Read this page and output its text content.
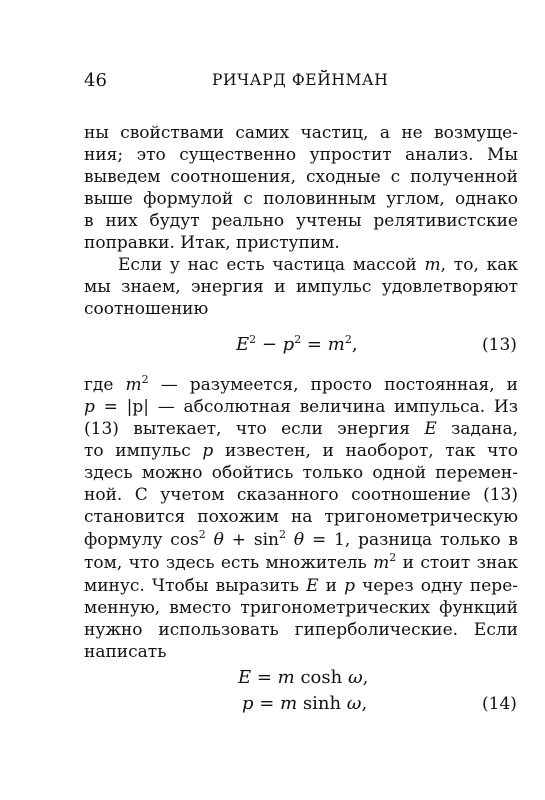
46	РИЧАРД ФЕЙНМАН
ны свойствами самих частиц, а не возмуще-
ния; это существенно упростит анализ. Мы
выведем соотношения, сходные с полученной
выше формулой с половинным углом, однако
в них будут реально учтены релятивистские
поправки. Итак, приступим.
Если у нас есть частица массой m, то, как
мы знаем, энергия и импульс удовлетворяют
соотношению
$E^2 - p^2 = m^2$,	(13)
где $m^2$ — разумеется, просто постоянная, и
p = |p| — абсолютная величина импульса. Из
(13) вытекает, что если энергия E задана,
то импульс p известен, и наоборот, так что
здесь можно обойтись только одной перемен-
ной. С учетом сказанного соотношение (13)
становится похожим на тригонометрическую
формулу $\cos^2 \theta + \sin^2 \theta = 1$, разница только в
том, что здесь есть множитель $m^2$ и стоит знак
минус. Чтобы выразить E и p через одну пере-
менную, вместо тригонометрических функций
нужно использовать гиперболические. Если
написать
E = m cosh ω,
p = m sinh ω,	(14)
